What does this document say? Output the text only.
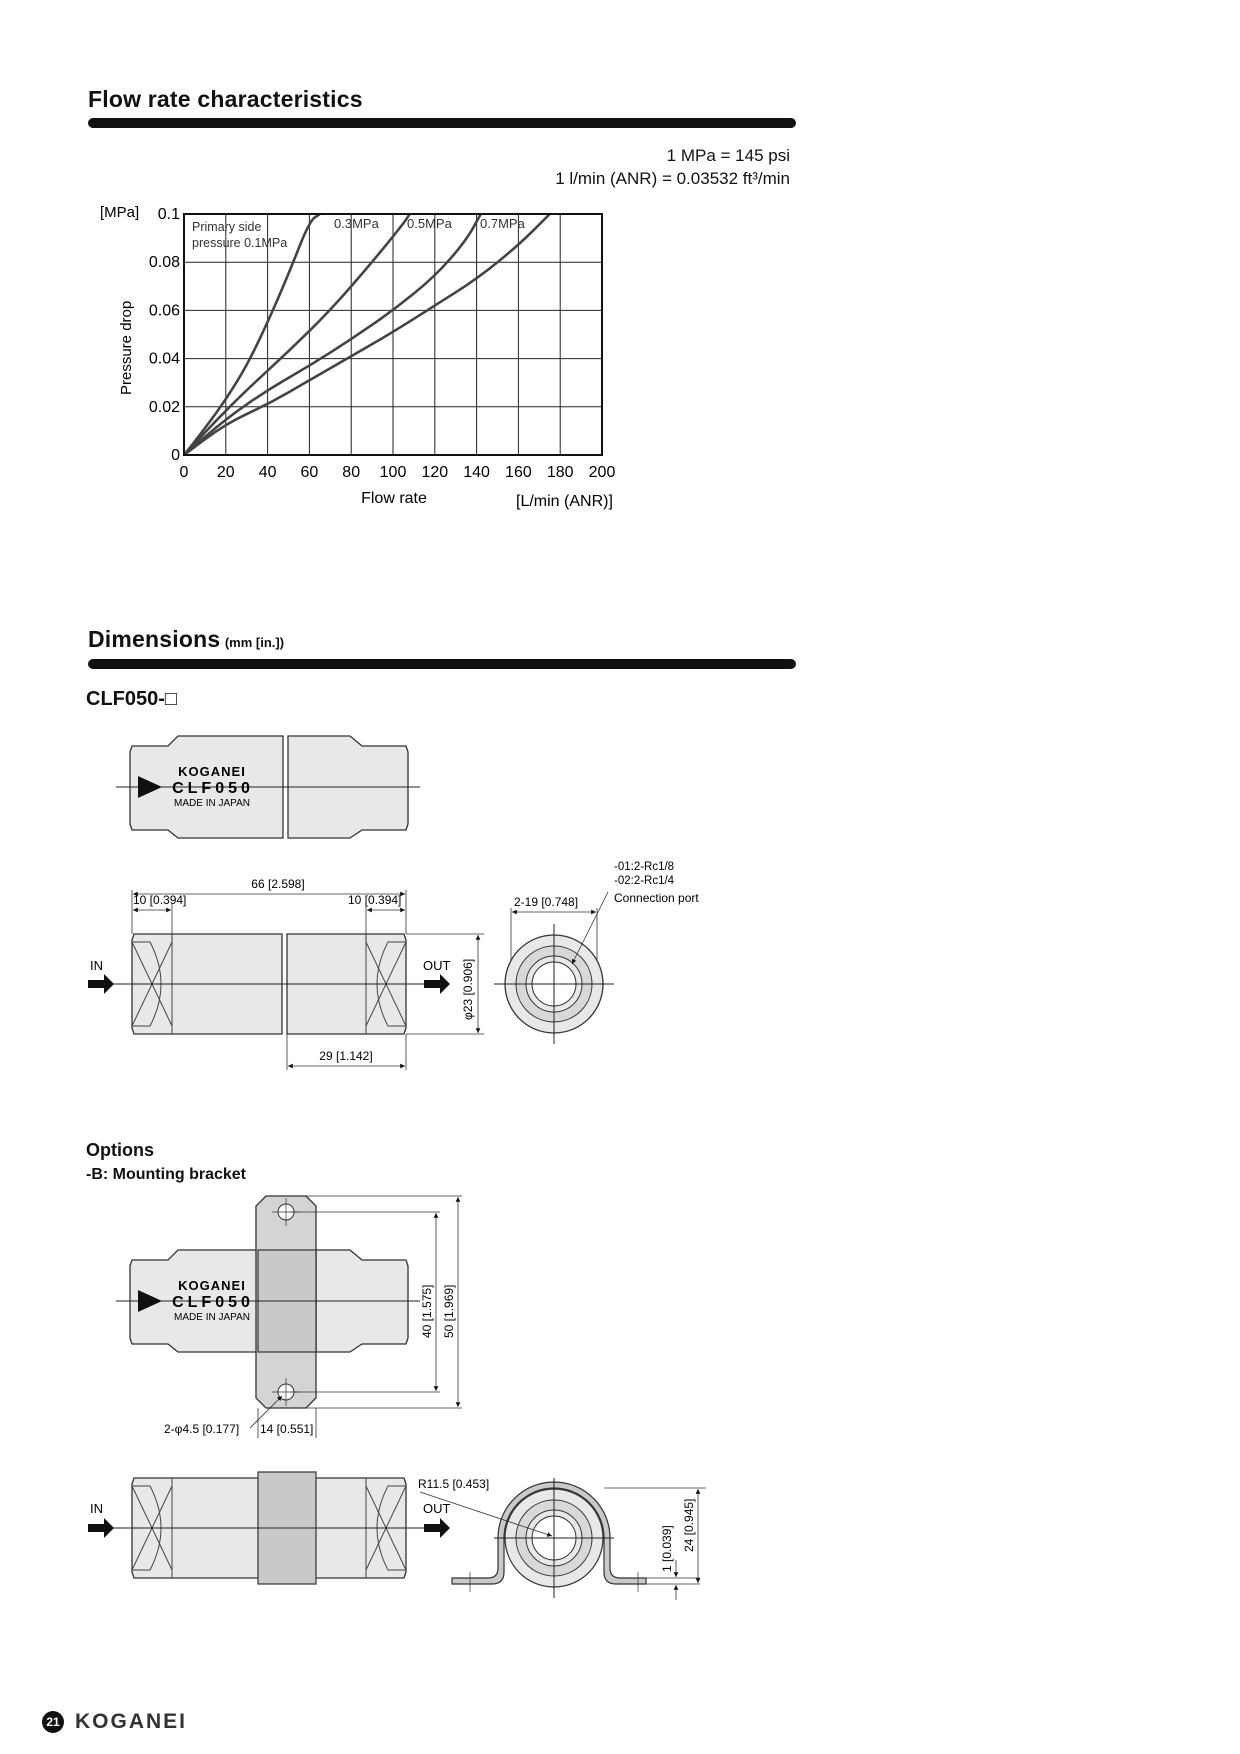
Flow rate characteristics
1 MPa = 145 psi
1 l/min (ANR) = 0.03532 ft³/min
0 20 40 60 80 100 120 140 160 180 200
0
0.02
0.04
0.06
0.08
0.1
[MPa]
Pressure drop
Flow rate	[L/min (ANR)]
Primary side
pressure 0.1MPa
0.3MPa 0.5MPa 0.7MPa
Dimensions (mm [in.])
CLF050-□
KOGANEI
CLF050
MADE IN JAPAN
IN	OUT
66 [2.598]
10 [0.394]	10 [0.394]
29 [1.142]
φ23 [0.906]
2-19 [0.748]
-01:2-Rc1/8
-02:2-Rc1/4
Connection port
Options
-B: Mounting bracket
KOGANEI
CLF050
MADE IN JAPAN	40 [1.575] 50 [1.969]
2-φ4.5 [0.177] 14 [0.551]
IN	OUT
R11.5 [0.453]
1 [0.039] 24 [0.945]
21 KOGANEI
